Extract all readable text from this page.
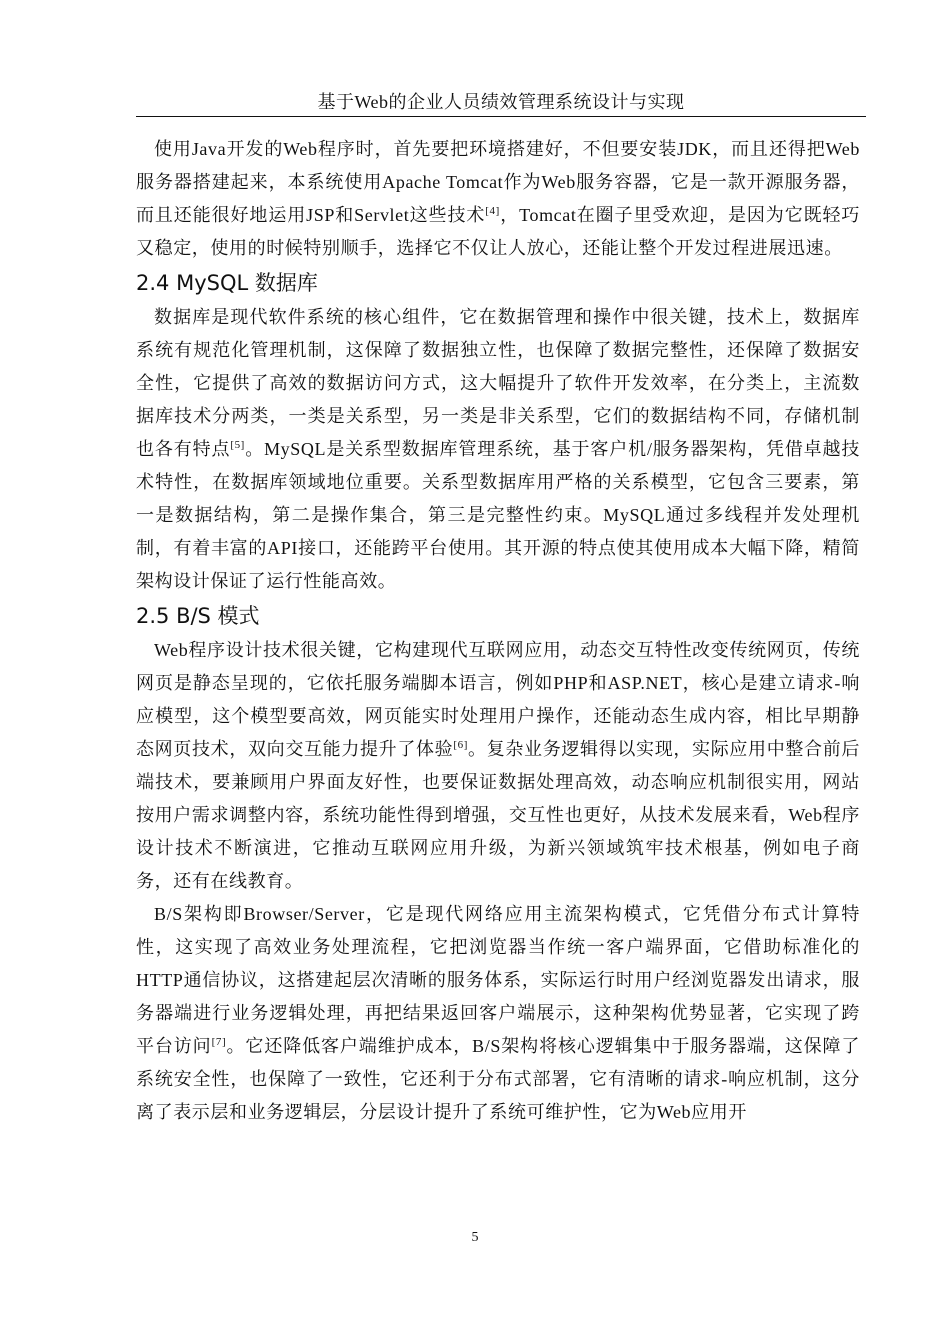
基于Web的企业人员绩效管理系统设计与实现

使用Java开发的Web程序时，首先要把环境搭建好，不但要安装JDK，而且还得把Web服务器搭建起来，本系统使用Apache Tomcat作为Web服务容器，它是一款开源服务器，而且还能很好地运用JSP和Servlet这些技术[4]，Tomcat在圈子里受欢迎，是因为它既轻巧又稳定，使用的时候特别顺手，选择它不仅让人放心，还能让整个开发过程进展迅速。

2.4 MySQL 数据库

数据库是现代软件系统的核心组件，它在数据管理和操作中很关键，技术上，数据库系统有规范化管理机制，这保障了数据独立性，也保障了数据完整性，还保障了数据安全性，它提供了高效的数据访问方式，这大幅提升了软件开发效率，在分类上，主流数据库技术分两类，一类是关系型，另一类是非关系型，它们的数据结构不同，存储机制也各有特点[5]。MySQL是关系型数据库管理系统，基于客户机/服务器架构，凭借卓越技术特性，在数据库领域地位重要。关系型数据库用严格的关系模型，它包含三要素，第一是数据结构，第二是操作集合，第三是完整性约束。MySQL通过多线程并发处理机制，有着丰富的API接口，还能跨平台使用。其开源的特点使其使用成本大幅下降，精简架构设计保证了运行性能高效。

2.5 B/S 模式

Web程序设计技术很关键，它构建现代互联网应用，动态交互特性改变传统网页，传统网页是静态呈现的，它依托服务端脚本语言，例如PHP和ASP.NET，核心是建立请求-响应模型，这个模型要高效，网页能实时处理用户操作，还能动态生成内容，相比早期静态网页技术，双向交互能力提升了体验[6]。复杂业务逻辑得以实现，实际应用中整合前后端技术，要兼顾用户界面友好性，也要保证数据处理高效，动态响应机制很实用，网站按用户需求调整内容，系统功能性得到增强，交互性也更好，从技术发展来看，Web程序设计技术不断演进，它推动互联网应用升级，为新兴领域筑牢技术根基，例如电子商务，还有在线教育。

B/S架构即Browser/Server，它是现代网络应用主流架构模式，它凭借分布式计算特性，这实现了高效业务处理流程，它把浏览器当作统一客户端界面，它借助标准化的HTTP通信协议，这搭建起层次清晰的服务体系，实际运行时用户经浏览器发出请求，服务器端进行业务逻辑处理，再把结果返回客户端展示，这种架构优势显著，它实现了跨平台访问[7]。它还降低客户端维护成本，B/S架构将核心逻辑集中于服务器端，这保障了系统安全性，也保障了一致性，它还利于分布式部署，它有清晰的请求-响应机制，这分离了表示层和业务逻辑层，分层设计提升了系统可维护性，它为Web应用开

5
